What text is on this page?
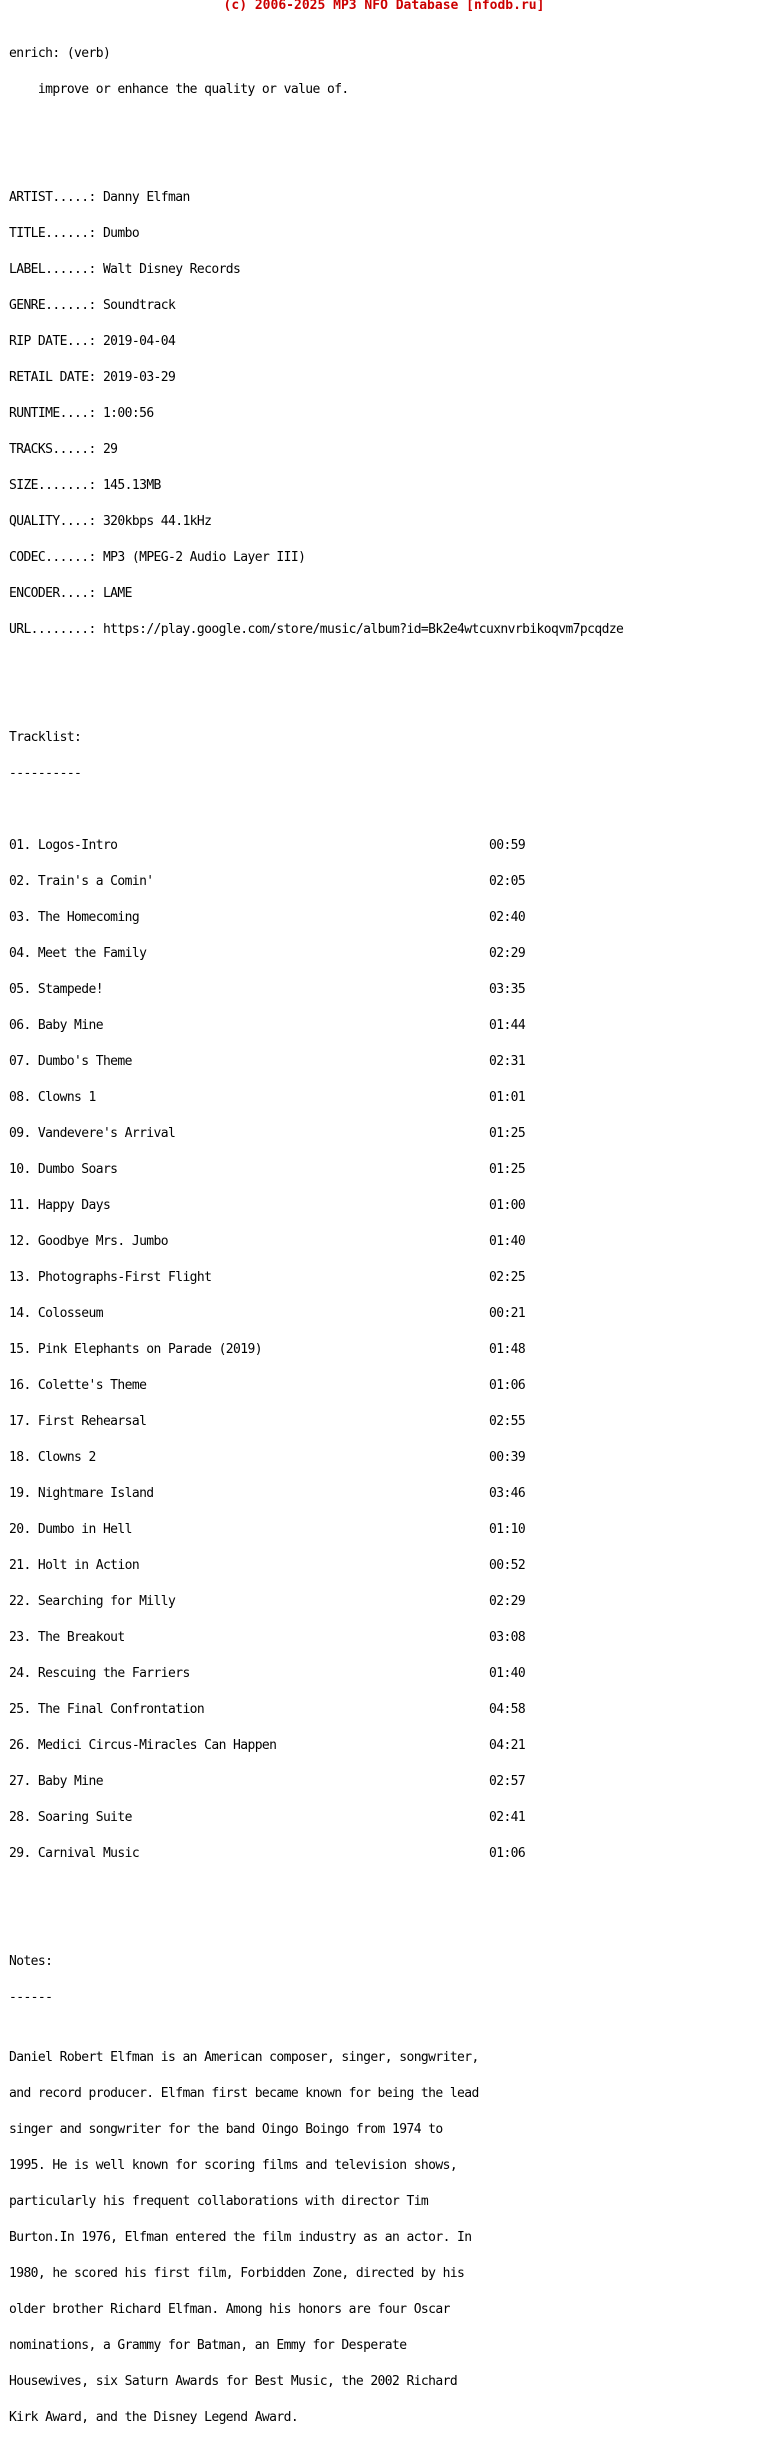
(c) 2006-2025 MP3 NFO Database [nfodb.ru]

enrich: (verb)

improve or enhance the quality or value of.

ARTIST.....: Danny Elfman

TITLE......: Dumbo

LABEL......: Walt Disney Records

GENRE......: Soundtrack

RIP DATE...: 2019-04-04

RETAIL DATE: 2019-03-29

RUNTIME....: 1:00:56

TRACKS.....: 29

SIZE.......: 145.13MB

QUALITY....: 320kbps 44.1kHz

CODEC......: MP3 (MPEG-2 Audio Layer III)

ENCODER....: LAME

URL........: https://play.google.com/store/music/album?id=Bk2e4wtcuxnvrbikoqvm7pcqdze

Tracklist:

----------

01. Logos-Intro	00:59

02. Train's a Comin'	02:05

03. The Homecoming	02:40

04. Meet the Family	02:29

05. Stampede!	03:35

06. Baby Mine	01:44

07. Dumbo's Theme	02:31

08. Clowns 1	01:01

09. Vandevere's Arrival	01:25

10. Dumbo Soars	01:25

11. Happy Days	01:00

12. Goodbye Mrs. Jumbo	01:40

13. Photographs-First Flight	02:25

14. Colosseum	00:21

15. Pink Elephants on Parade (2019)	01:48

16. Colette's Theme	01:06

17. First Rehearsal	02:55

18. Clowns 2	00:39

19. Nightmare Island	03:46

20. Dumbo in Hell	01:10

21. Holt in Action	00:52

22. Searching for Milly	02:29

23. The Breakout	03:08

24. Rescuing the Farriers	01:40

25. The Final Confrontation	04:58

26. Medici Circus-Miracles Can Happen	04:21

27. Baby Mine	02:57

28. Soaring Suite	02:41

29. Carnival Music	01:06

Notes:

------

Daniel Robert Elfman is an American composer, singer, songwriter,

and record producer. Elfman first became known for being the lead

singer and songwriter for the band Oingo Boingo from 1974 to

1995. He is well known for scoring films and television shows,

particularly his frequent collaborations with director Tim

Burton.In 1976, Elfman entered the film industry as an actor. In

1980, he scored his first film, Forbidden Zone, directed by his

older brother Richard Elfman. Among his honors are four Oscar

nominations, a Grammy for Batman, an Emmy for Desperate

Housewives, six Saturn Awards for Best Music, the 2002 Richard

Kirk Award, and the Disney Legend Award.
